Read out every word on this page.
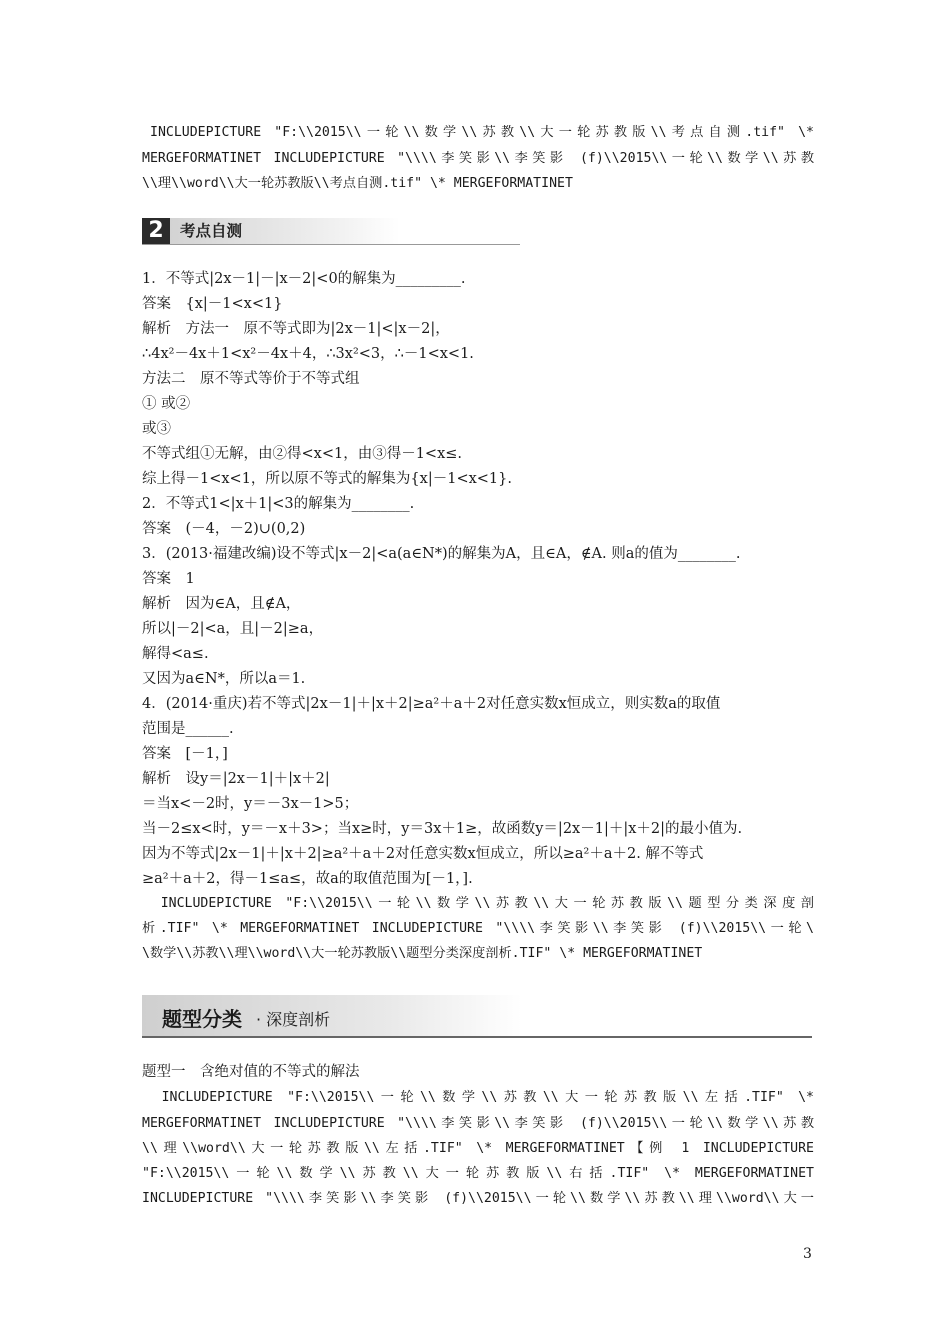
INCLUDEPICTURE "F:\\2015\\一轮\\数学\\苏教\\大一轮苏教版\\考点自测.tif" \*
MERGEFORMATINET INCLUDEPICTURE "\\\\李笑影\\李笑影 (f)\\2015\\一轮\\数学\\苏教
\\理\\word\\大一轮苏教版\\考点自测.tif" \* MERGEFORMATINET
2	考点自测
1．不等式|2x－1|－|x－2|<0的解集为_________.
答案　{x|－1<x<1}
解析　方法一　原不等式即为|2x－1|<|x－2|，
∴4x²－4x＋1<x²－4x＋4，∴3x²<3，∴－1<x<1.
方法二　原不等式等价于不等式组
① 或②
或③
不等式组①无解，由②得<x<1，由③得－1<x≤.
综上得－1<x<1，所以原不等式的解集为{x|－1<x<1}.
2．不等式1<|x＋1|<3的解集为________.
答案　(－4，－2)∪(0,2)
3．(2013·福建改编)设不等式|x－2|<a(a∈N*)的解集为A，且∈A，∉A. 则a的值为________.
答案　1
解析　因为∈A，且∉A，
所以|－2|<a，且|－2|≥a，
解得<a≤.
又因为a∈N*，所以a＝1.
4．(2014·重庆)若不等式|2x－1|＋|x＋2|≥a²＋a＋2对任意实数x恒成立，则实数a的取值
范围是______.
答案　[－1，]
解析　设y＝|2x－1|＋|x＋2|
＝当x<－2时，y＝－3x－1>5；
当－2≤x<时，y＝－x＋3>；当x≥时，y＝3x＋1≥，故函数y＝|2x－1|＋|x＋2|的最小值为.
因为不等式|2x－1|＋|x＋2|≥a²＋a＋2对任意实数x恒成立，所以≥a²＋a＋2. 解不等式
≥a²＋a＋2，得－1≤a≤，故a的取值范围为[－1，].
　INCLUDEPICTURE "F:\\2015\\一轮\\数学\\苏教\\大一轮苏教版\\题型分类深度剖
析.TIF" \* MERGEFORMATINET INCLUDEPICTURE "\\\\李笑影\\李笑影 (f)\\2015\\一轮\
\数学\\苏教\\理\\word\\大一轮苏教版\\题型分类深度剖析.TIF" \* MERGEFORMATINET
题型分类 · 深度剖析
题型一　含绝对值的不等式的解法
　INCLUDEPICTURE "F:\\2015\\一轮\\数学\\苏教\\大一轮苏教版\\左括.TIF" \*
MERGEFORMATINET INCLUDEPICTURE "\\\\李笑影\\李笑影 (f)\\2015\\一轮\\数学\\苏教
\\理\\word\\大一轮苏教版\\左括.TIF" \* MERGEFORMATINET【例 1 INCLUDEPICTURE
"F:\\2015\\一轮\\数学\\苏教\\大一轮苏教版\\右括.TIF" \* MERGEFORMATINET
INCLUDEPICTURE "\\\\李笑影\\李笑影 (f)\\2015\\一轮\\数学\\苏教\\理\\word\\大一
3
